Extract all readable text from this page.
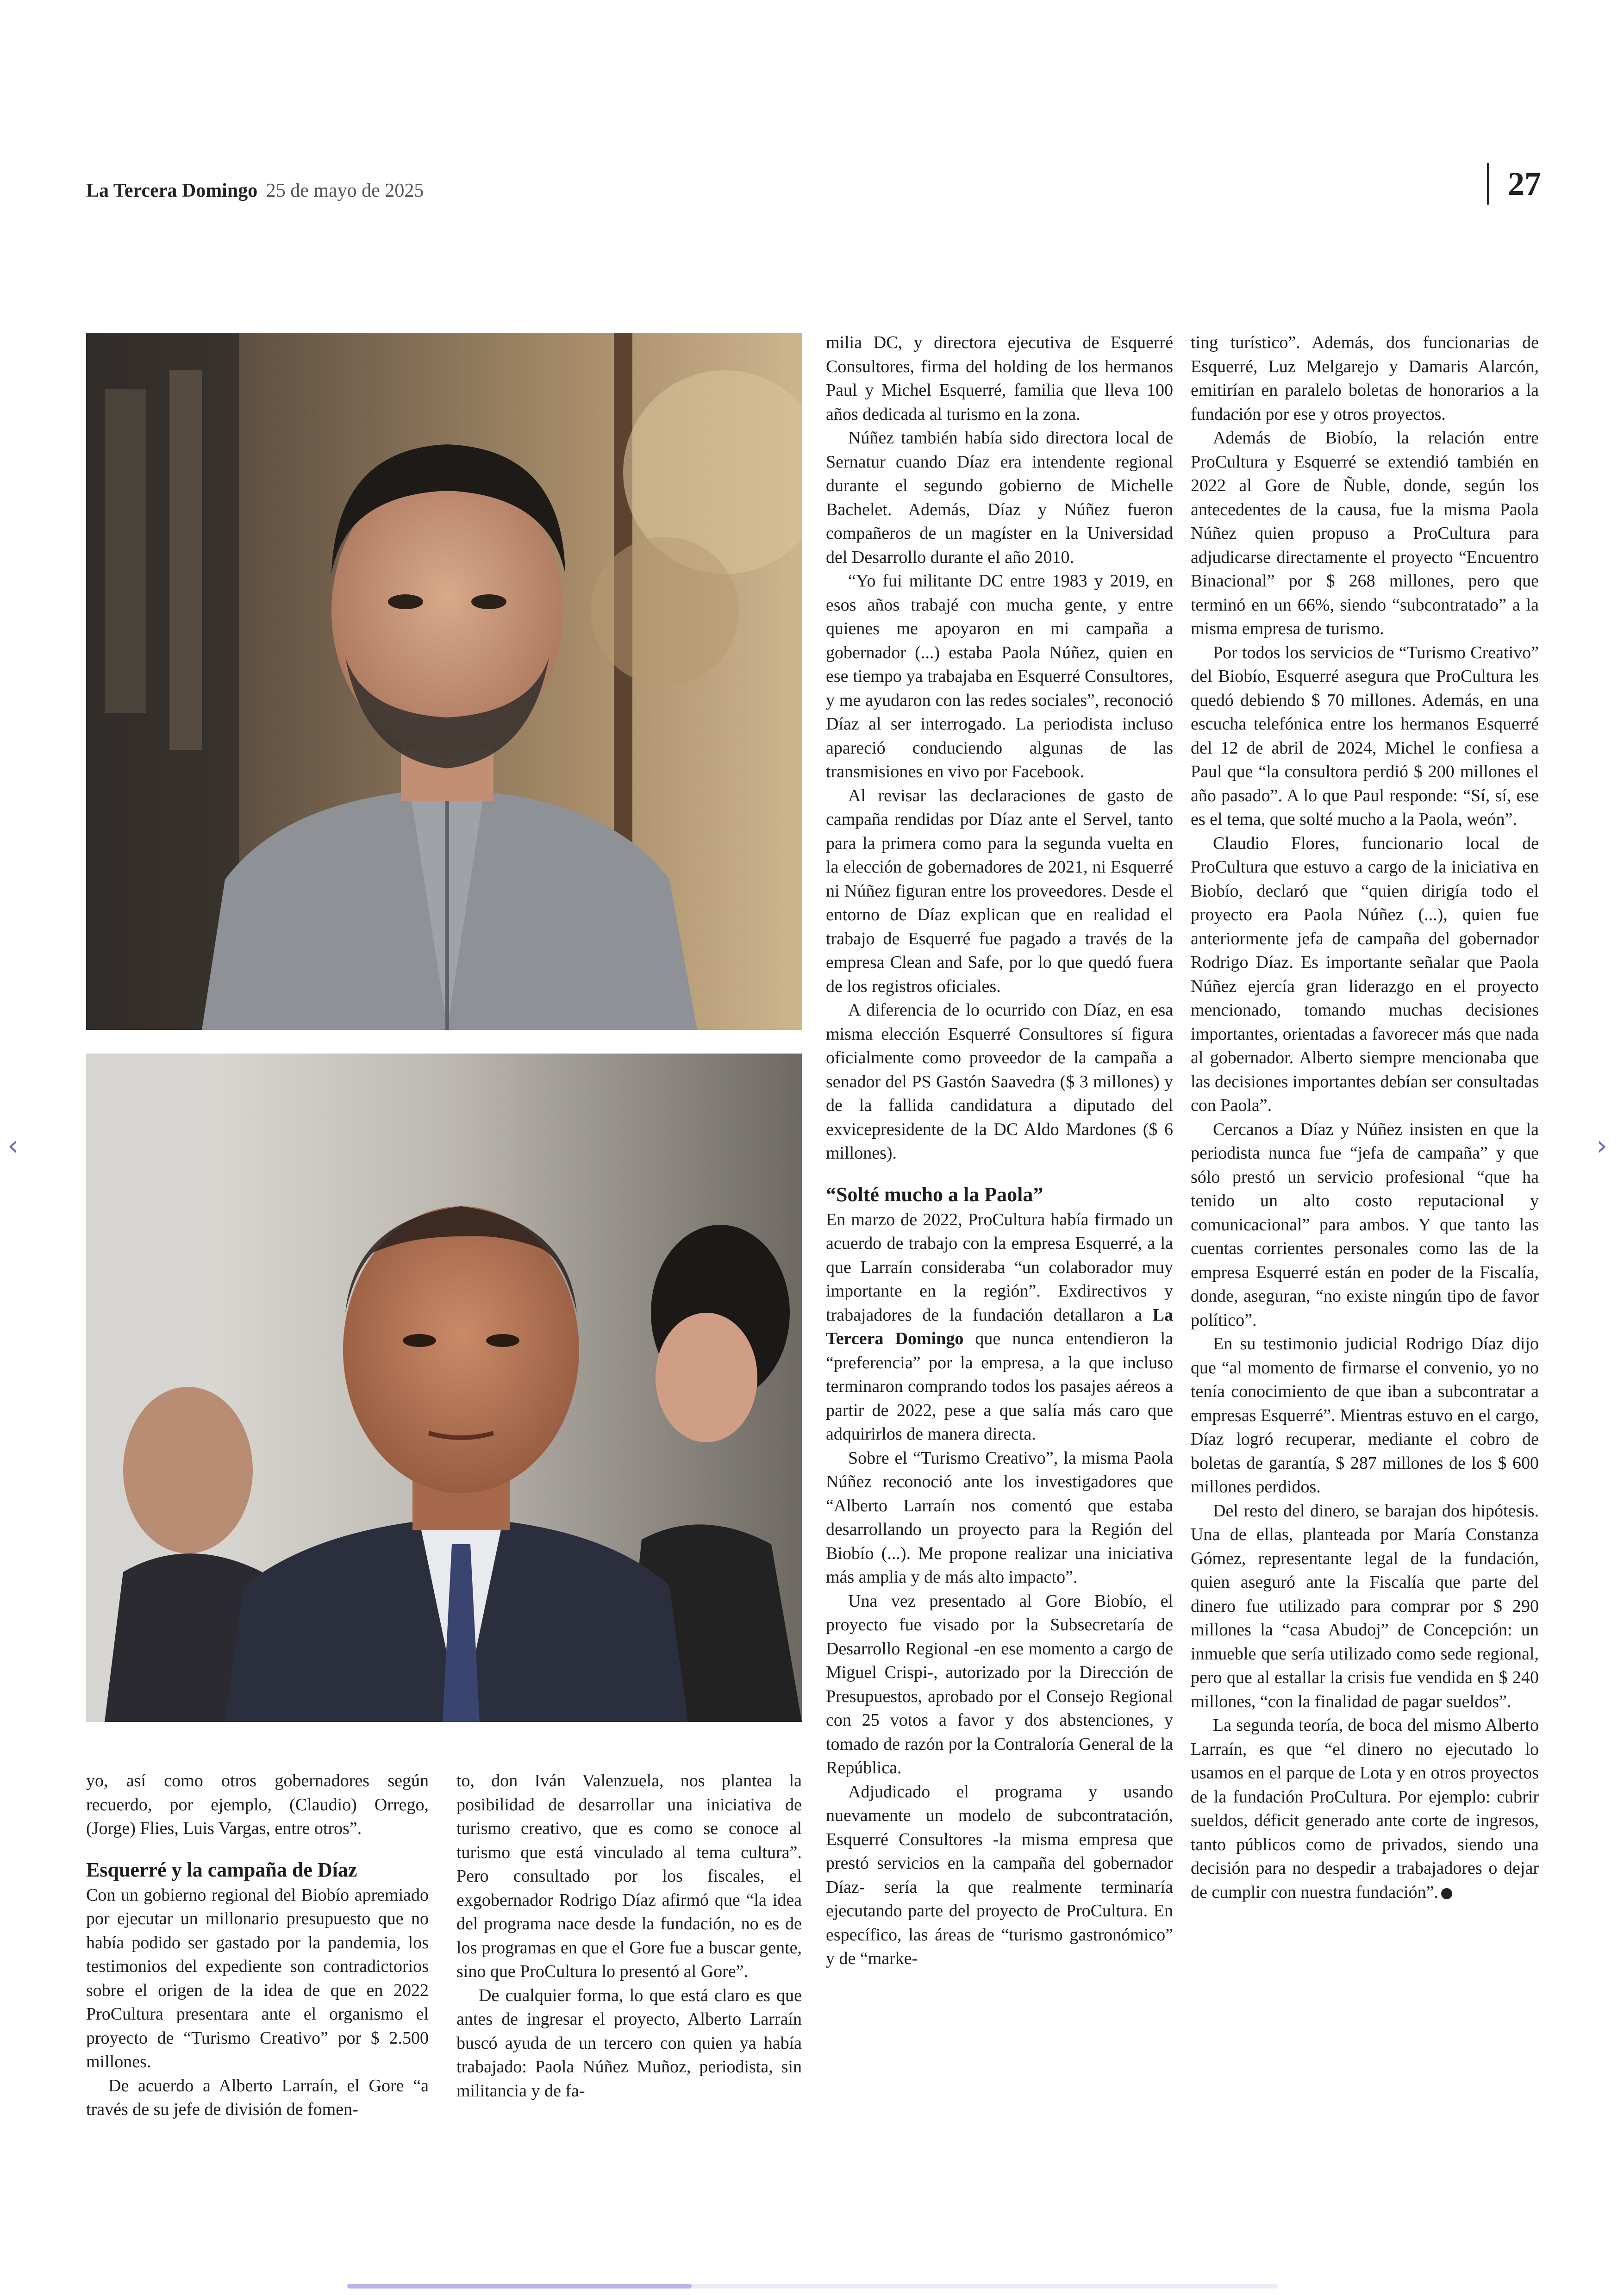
La Tercera Domingo 25 de mayo de 2025	27

yo, así como otros gobernadores según recuerdo, por ejemplo, (Claudio) Orrego, (Jorge) Flies, Luis Vargas, entre otros”.

Esquerré y la campaña de Díaz

Con un gobierno regional del Biobío apremiado por ejecutar un millonario presupuesto que no había podido ser gastado por la pandemia, los testimonios del expediente son contradictorios sobre el origen de la idea de que en 2022 ProCultura presentara ante el organismo el proyecto de “Turismo Creativo” por $ 2.500 millones.

De acuerdo a Alberto Larraín, el Gore “a través de su jefe de división de fomen-

to, don Iván Valenzuela, nos plantea la posibilidad de desarrollar una iniciativa de turismo creativo, que es como se conoce al turismo que está vinculado al tema cultura”. Pero consultado por los fiscales, el exgobernador Rodrigo Díaz afirmó que “la idea del programa nace desde la fundación, no es de los programas en que el Gore fue a buscar gente, sino que ProCultura lo presentó al Gore”.

De cualquier forma, lo que está claro es que antes de ingresar el proyecto, Alberto Larraín buscó ayuda de un tercero con quien ya había trabajado: Paola Núñez Muñoz, periodista, sin militancia y de fa-

milia DC, y directora ejecutiva de Esquerré Consultores, firma del holding de los hermanos Paul y Michel Esquerré, familia que lleva 100 años dedicada al turismo en la zona.

Núñez también había sido directora local de Sernatur cuando Díaz era intendente regional durante el segundo gobierno de Michelle Bachelet. Además, Díaz y Núñez fueron compañeros de un magíster en la Universidad del Desarrollo durante el año 2010.

“Yo fui militante DC entre 1983 y 2019, en esos años trabajé con mucha gente, y entre quienes me apoyaron en mi campaña a gobernador (...) estaba Paola Núñez, quien en ese tiempo ya trabajaba en Esquerré Consultores, y me ayudaron con las redes sociales”, reconoció Díaz al ser interrogado. La periodista incluso apareció conduciendo algunas de las transmisiones en vivo por Facebook.

Al revisar las declaraciones de gasto de campaña rendidas por Díaz ante el Servel, tanto para la primera como para la segunda vuelta en la elección de gobernadores de 2021, ni Esquerré ni Núñez figuran entre los proveedores. Desde el entorno de Díaz explican que en realidad el trabajo de Esquerré fue pagado a través de la empresa Clean and Safe, por lo que quedó fuera de los registros oficiales.

A diferencia de lo ocurrido con Díaz, en esa misma elección Esquerré Consultores sí figura oficialmente como proveedor de la campaña a senador del PS Gastón Saavedra ($ 3 millones) y de la fallida candidatura a diputado del exvicepresidente de la DC Aldo Mardones ($ 6 millones).

“Solté mucho a la Paola”

En marzo de 2022, ProCultura había firmado un acuerdo de trabajo con la empresa Esquerré, a la que Larraín consideraba “un colaborador muy importante en la región”. Exdirectivos y trabajadores de la fundación detallaron a La Tercera Domingo que nunca entendieron la “preferencia” por la empresa, a la que incluso terminaron comprando todos los pasajes aéreos a partir de 2022, pese a que salía más caro que adquirirlos de manera directa.

Sobre el “Turismo Creativo”, la misma Paola Núñez reconoció ante los investigadores que “Alberto Larraín nos comentó que estaba desarrollando un proyecto para la Región del Biobío (...). Me propone realizar una iniciativa más amplia y de más alto impacto”.

Una vez presentado al Gore Biobío, el proyecto fue visado por la Subsecretaría de Desarrollo Regional -en ese momento a cargo de Miguel Crispi-, autorizado por la Dirección de Presupuestos, aprobado por el Consejo Regional con 25 votos a favor y dos abstenciones, y tomado de razón por la Contraloría General de la República.

Adjudicado el programa y usando nuevamente un modelo de subcontratación, Esquerré Consultores -la misma empresa que prestó servicios en la campaña del gobernador Díaz- sería la que realmente terminaría ejecutando parte del proyecto de ProCultura. En específico, las áreas de “turismo gastronómico” y de “marke-

ting turístico”. Además, dos funcionarias de Esquerré, Luz Melgarejo y Damaris Alarcón, emitirían en paralelo boletas de honorarios a la fundación por ese y otros proyectos.

Además de Biobío, la relación entre ProCultura y Esquerré se extendió también en 2022 al Gore de Ñuble, donde, según los antecedentes de la causa, fue la misma Paola Núñez quien propuso a ProCultura para adjudicarse directamente el proyecto “Encuentro Binacional” por $ 268 millones, pero que terminó en un 66%, siendo “subcontratado” a la misma empresa de turismo.

Por todos los servicios de “Turismo Creativo” del Biobío, Esquerré asegura que ProCultura les quedó debiendo $ 70 millones. Además, en una escucha telefónica entre los hermanos Esquerré del 12 de abril de 2024, Michel le confiesa a Paul que “la consultora perdió $ 200 millones el año pasado”. A lo que Paul responde: “Sí, sí, ese es el tema, que solté mucho a la Paola, weón”.

Claudio Flores, funcionario local de ProCultura que estuvo a cargo de la iniciativa en Biobío, declaró que “quien dirigía todo el proyecto era Paola Núñez (...), quien fue anteriormente jefa de campaña del gobernador Rodrigo Díaz. Es importante señalar que Paola Núñez ejercía gran liderazgo en el proyecto mencionado, tomando muchas decisiones importantes, orientadas a favorecer más que nada al gobernador. Alberto siempre mencionaba que las decisiones importantes debían ser consultadas con Paola”.

Cercanos a Díaz y Núñez insisten en que la periodista nunca fue “jefa de campaña” y que sólo prestó un servicio profesional “que ha tenido un alto costo reputacional y comunicacional” para ambos. Y que tanto las cuentas corrientes personales como las de la empresa Esquerré están en poder de la Fiscalía, donde, aseguran, “no existe ningún tipo de favor político”.

En su testimonio judicial Rodrigo Díaz dijo que “al momento de firmarse el convenio, yo no tenía conocimiento de que iban a subcontratar a empresas Esquerré”. Mientras estuvo en el cargo, Díaz logró recuperar, mediante el cobro de boletas de garantía, $ 287 millones de los $ 600 millones perdidos.

Del resto del dinero, se barajan dos hipótesis. Una de ellas, planteada por María Constanza Gómez, representante legal de la fundación, quien aseguró ante la Fiscalía que parte del dinero fue utilizado para comprar por $ 290 millones la “casa Abudoj” de Concepción: un inmueble que sería utilizado como sede regional, pero que al estallar la crisis fue vendida en $ 240 millones, “con la finalidad de pagar sueldos”.

La segunda teoría, de boca del mismo Alberto Larraín, es que “el dinero no ejecutado lo usamos en el parque de Lota y en otros proyectos de la fundación ProCultura. Por ejemplo: cubrir sueldos, déficit generado ante corte de ingresos, tanto públicos como de privados, siendo una decisión para no despedir a trabajadores o dejar de cumplir con nuestra fundación”.

‹	›
